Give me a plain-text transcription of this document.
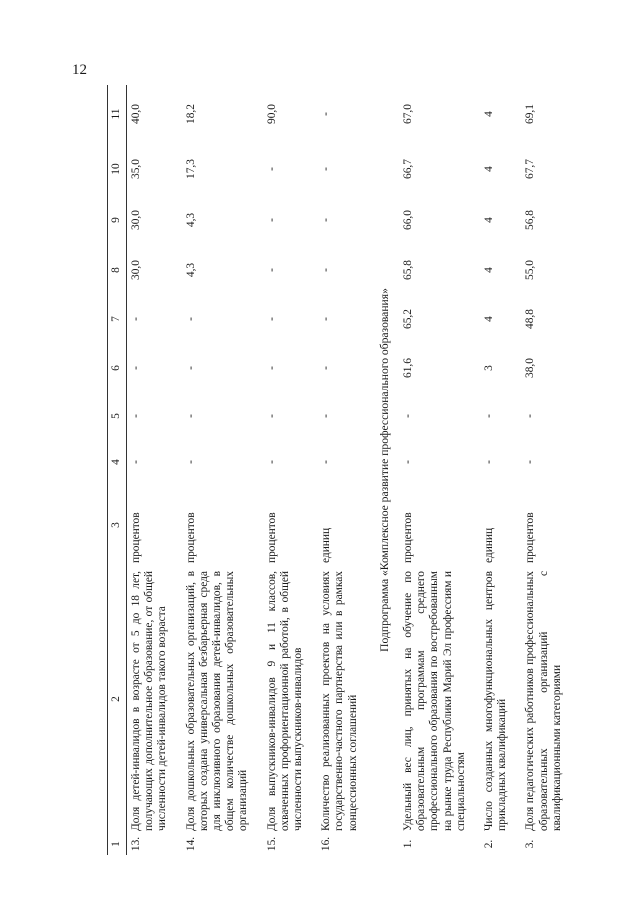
12
1	2	3	4	5	6	7	8	9	10	11
13.	Доля детей-инвалидов в возрасте от 5 до 18 лет, получающих дополнительное образование, от общей численности детей-инвалидов такого возраста	процентов	-	-	-	-	30,0	30,0	35,0	40,0
14.	Доля дошкольных образовательных организаций, в которых создана универсальная безбарьерная среда для инклюзивного образования детей-инвалидов, в общем количестве дошкольных образовательных организаций	процентов	-	-	-	-	4,3	4,3	17,3	18,2
15.	Доля выпускников-инвалидов 9 и 11 классов, охваченных профориентационной работой, в общей численности выпускников-инвалидов	процентов	-	-	-	-	-	-	-	90,0
16.	Количество реализованных проектов на условиях государственно-частного партнерства или в рамках концессионных соглашений	единиц	-	-	-	-	-	-	-	-
Подпрограмма «Комплексное развитие профессионального образования»										
1.	Удельный вес лиц, принятых на обучение по образовательным программам среднего профессионального образования по востребованным на рынке труда Республики Марий Эл профессиям и специальностям	процентов	-	-	61,6	65,2	65,8	66,0	66,7	67,0
2.	Число созданных многофункциональных центров прикладных квалификаций	единиц	-	-	3	4	4	4	4	4
3.	Доля педагогических работников профессиональных образовательных организаций с квалификационными категориями	процентов	-	-	38,0	48,8	55,0	56,8	67,7	69,1
